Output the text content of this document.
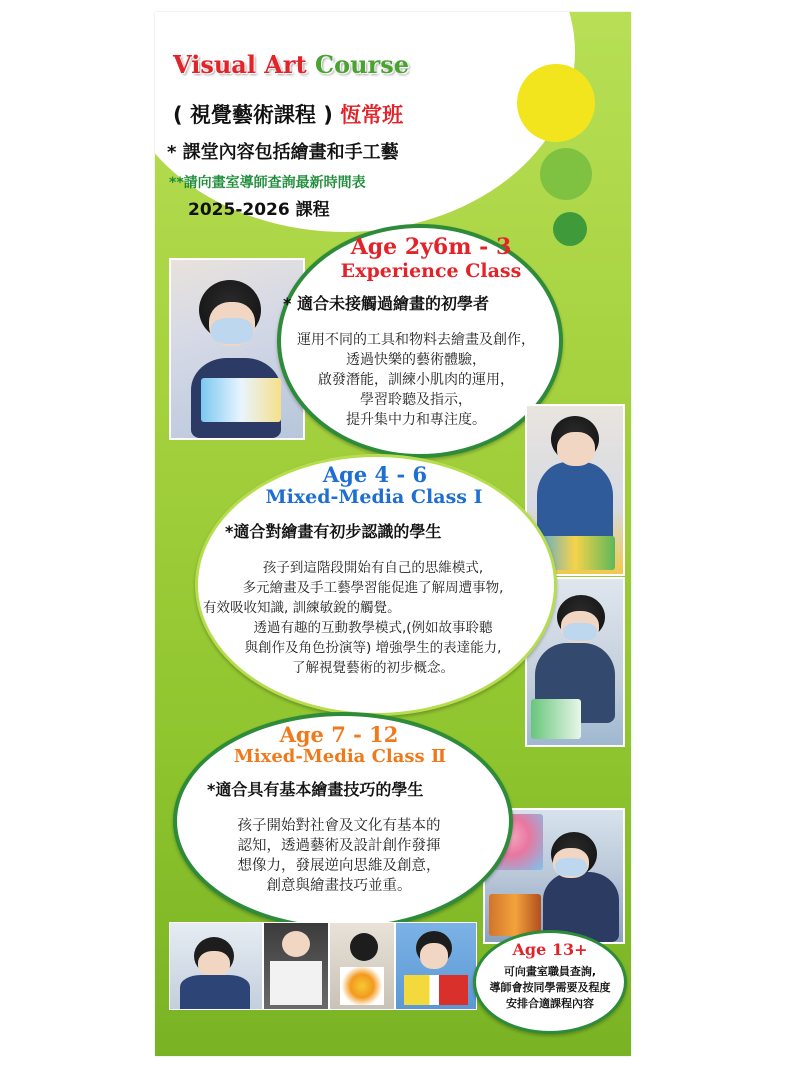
Visual Art Course
( 視覺藝術課程 ) 恆常班
* 課堂內容包括繪畫和手工藝
**請向畫室導師查詢最新時間表
2025-2026 課程
Age 2y6m - 3
Experience Class
* 適合未接觸過繪畫的初學者
運用不同的工具和物料去繪畫及創作，
透過快樂的藝術體驗，
啟發潛能，訓練小肌肉的運用，
學習聆聽及指示，
提升集中力和專注度。
Age 4 - 6
Mixed-Media Class Ⅰ
*適合對繪畫有初步認識的學生
孩子到這階段開始有自己的思維模式,
多元繪畫及手工藝學習能促進了解周遭事物,
有效吸收知識, 訓練敏銳的觸覺。
透過有趣的互動教學模式,(例如故事聆聽
與創作及角色扮演等) 增強學生的表達能力,
了解視覺藝術的初步概念。
Age 7 - 12
Mixed-Media Class Ⅱ
*適合具有基本繪畫技巧的學生
孩子開始對社會及文化有基本的
認知，透過藝術及設計創作發揮
想像力，發展逆向思維及創意，
創意與繪畫技巧並重。
Age 13+
可向畫室職員查詢,
導師會按同學需要及程度
安排合適課程內容
